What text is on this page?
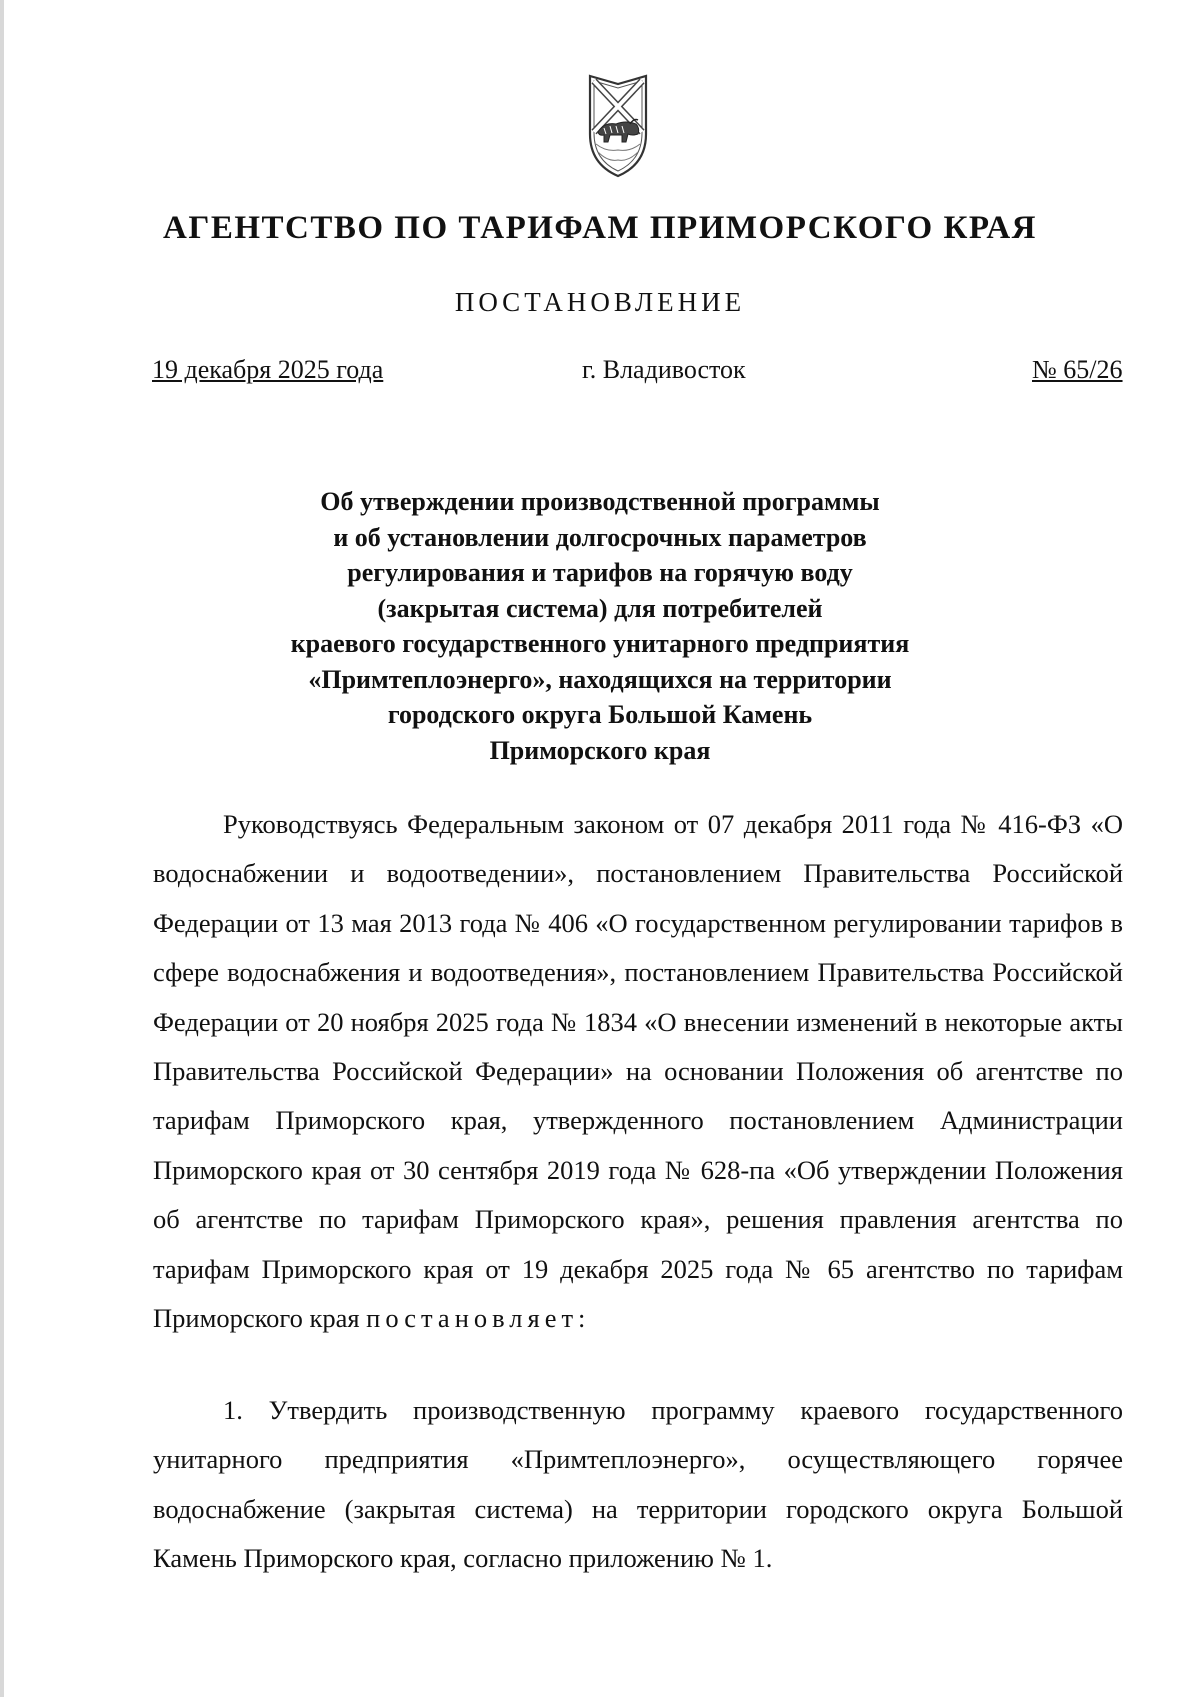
АГЕНТСТВО ПО ТАРИФАМ ПРИМОРСКОГО КРАЯ
ПОСТАНОВЛЕНИЕ
19 декабря 2025 года	г. Владивосток	№ 65/26
Об утверждении производственной программы
и об установлении долгосрочных параметров
регулирования и тарифов на горячую воду
(закрытая система) для потребителей
краевого государственного унитарного предприятия
«Примтеплоэнерго», находящихся на территории
городского округа Большой Камень
Приморского края

Руководствуясь Федеральным законом от 07 декабря 2011 года № 416-ФЗ «О водоснабжении и водоотведении», постановлением Правительства Российской Федерации от 13 мая 2013 года № 406 «О государственном регулировании тарифов в сфере водоснабжения и водоотведения», постановлением Правительства Российской Федерации от 20 ноября 2025 года № 1834 «О внесении изменений в некоторые акты Правительства Российской Федерации» на основании Положения об агентстве по тарифам Приморского края, утвержденного постановлением Администрации Приморского края от 30 сентября 2019 года № 628-па «Об утверждении Положения об агентстве по тарифам Приморского края», решения правления агентства по тарифам Приморского края от 19 декабря 2025 года № 65 агентство по тарифам Приморского края постановляет:

1. Утвердить производственную программу краевого государственного унитарного предприятия «Примтеплоэнерго», осуществляющего горячее водоснабжение (закрытая система) на территории городского округа Большой Камень Приморского края, согласно приложению № 1.
